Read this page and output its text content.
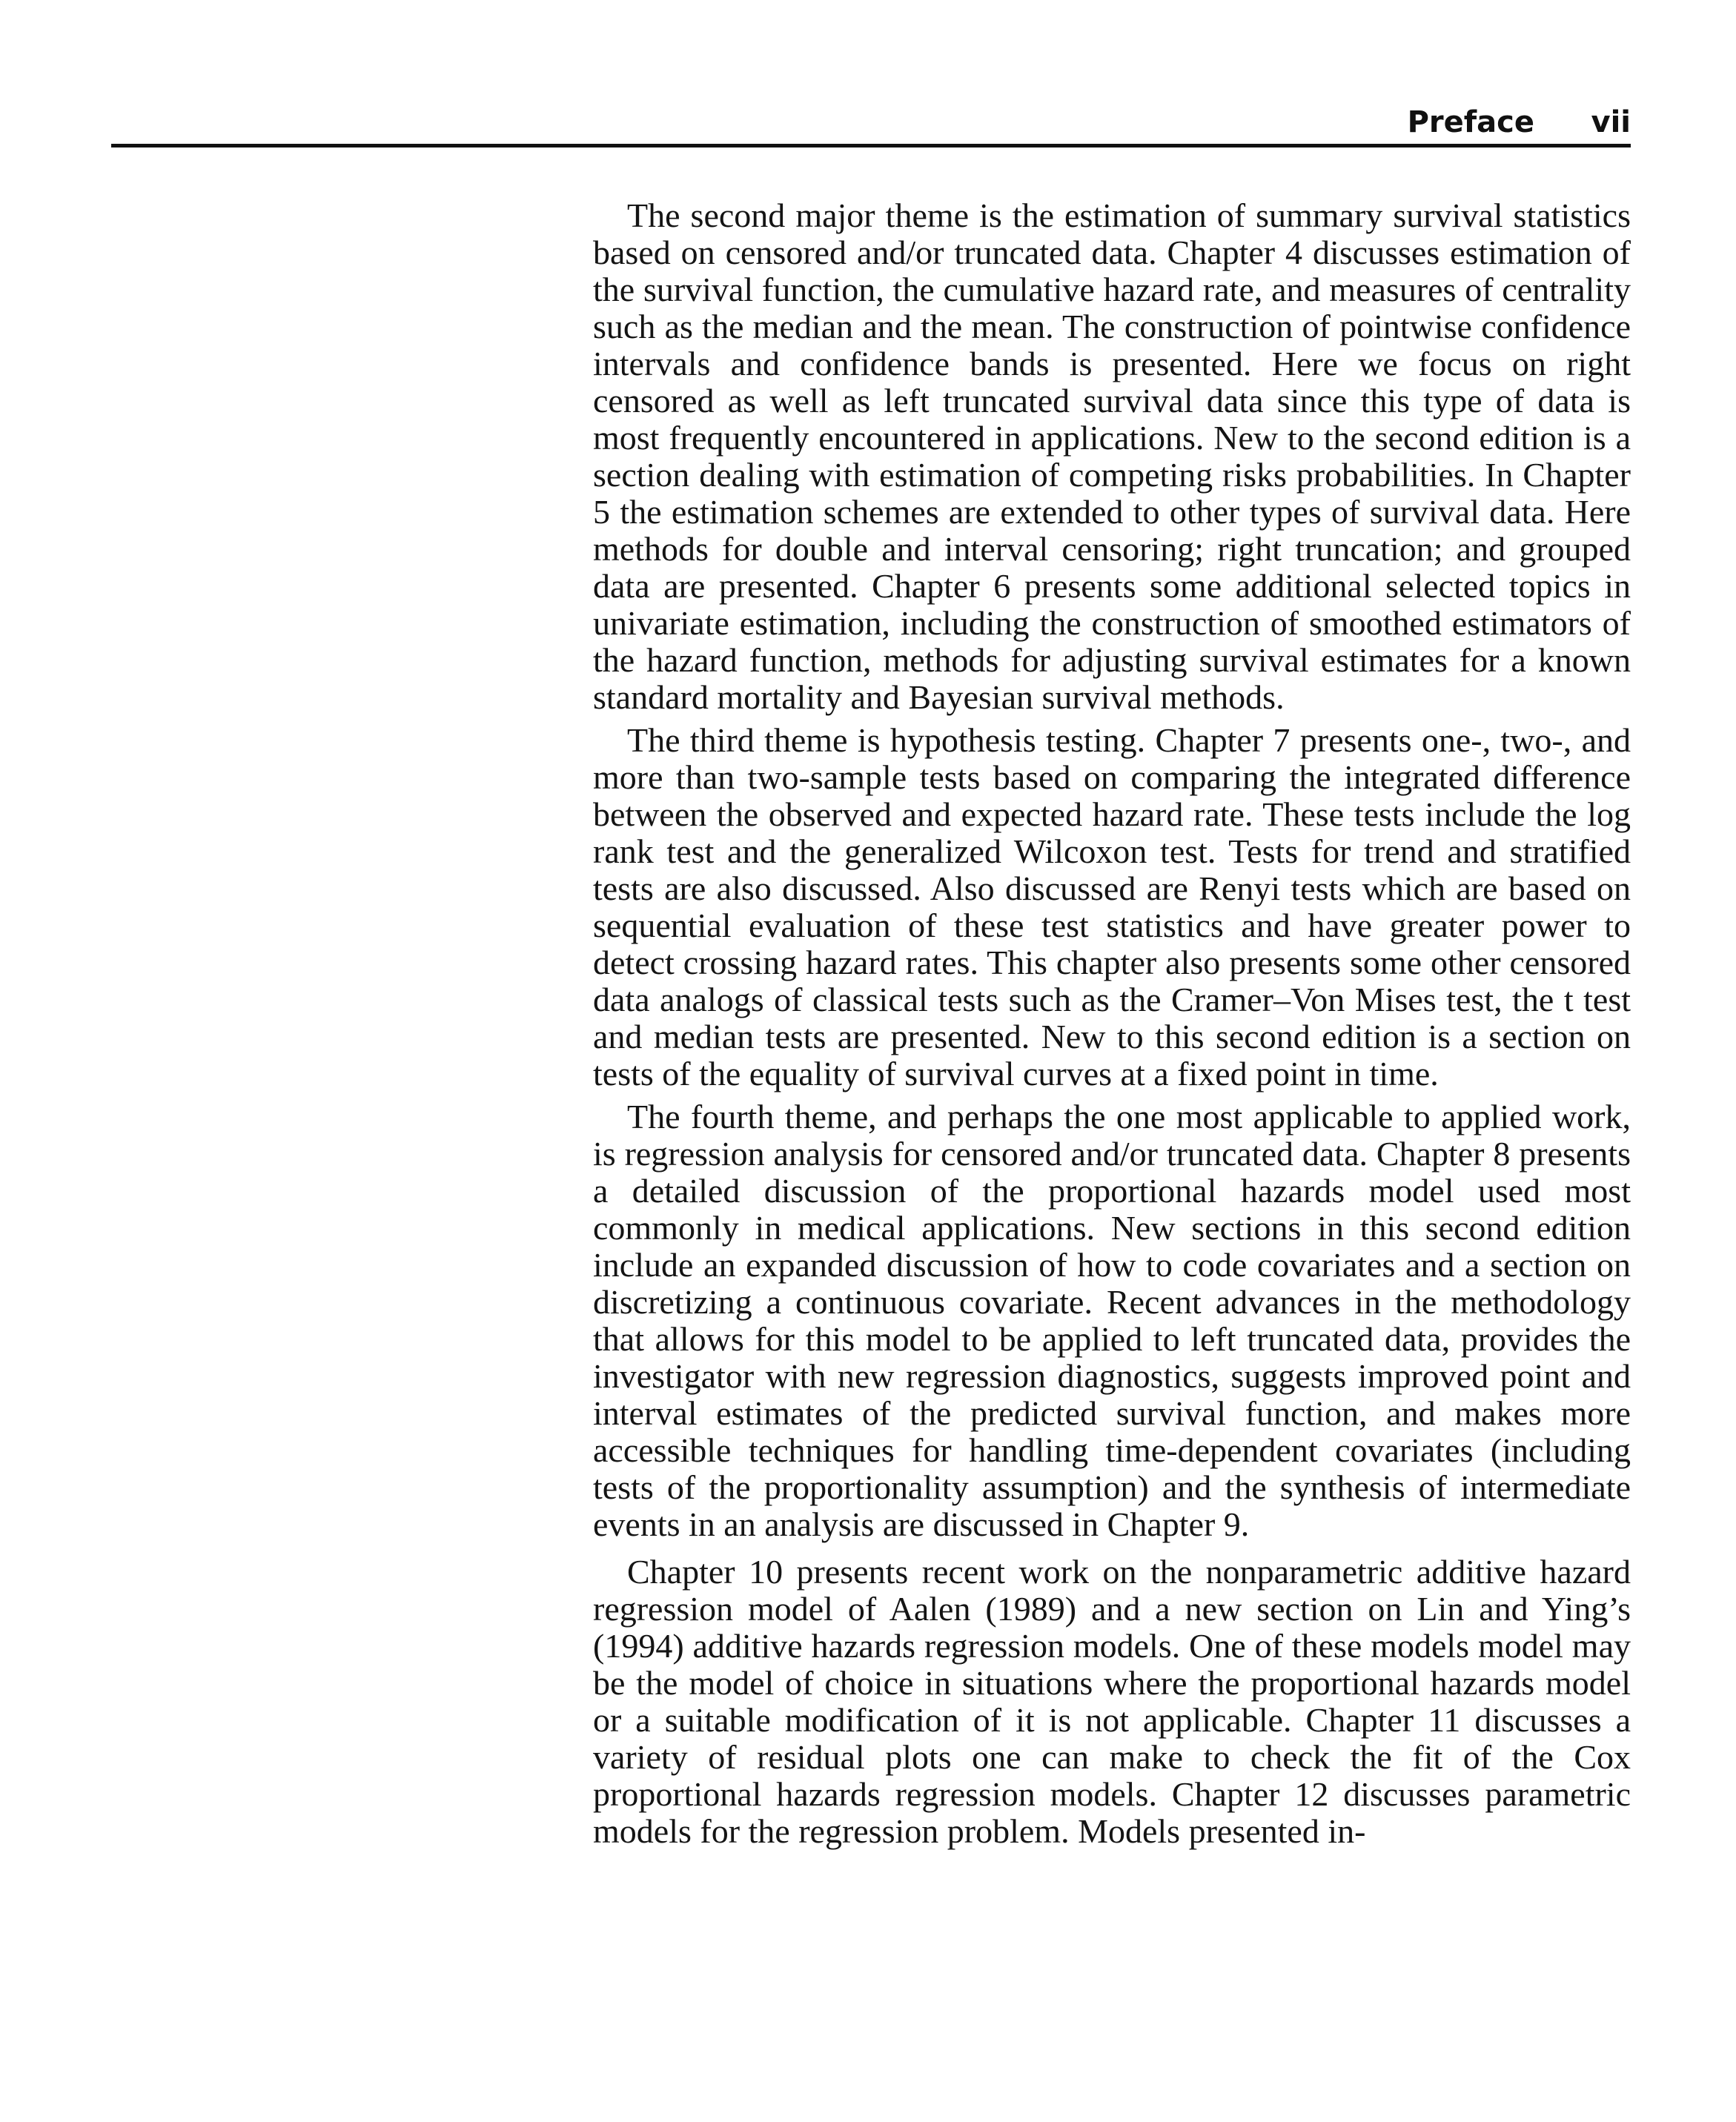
Preface vii

The second major theme is the estimation of summary survival statistics based on censored and/or truncated data. Chapter 4 discusses estimation of the survival function, the cumulative hazard rate, and measures of centrality such as the median and the mean. The construction of pointwise confidence intervals and confidence bands is presented. Here we focus on right censored as well as left truncated survival data since this type of data is most frequently encountered in applications. New to the second edition is a section dealing with estimation of competing risks probabilities. In Chapter 5 the estimation schemes are extended to other types of survival data. Here methods for double and interval censoring; right truncation; and grouped data are presented. Chapter 6 presents some additional selected topics in univariate estimation, including the construction of smoothed estimators of the hazard function, methods for adjusting survival estimates for a known standard mortality and Bayesian survival methods.

The third theme is hypothesis testing. Chapter 7 presents one-, two-, and more than two-sample tests based on comparing the integrated difference between the observed and expected hazard rate. These tests include the log rank test and the generalized Wilcoxon test. Tests for trend and stratified tests are also discussed. Also discussed are Renyi tests which are based on sequential evaluation of these test statistics and have greater power to detect crossing hazard rates. This chapter also presents some other censored data analogs of classical tests such as the Cramer–Von Mises test, the t test and median tests are presented. New to this second edition is a section on tests of the equality of survival curves at a fixed point in time.

The fourth theme, and perhaps the one most applicable to applied work, is regression analysis for censored and/or truncated data. Chapter 8 presents a detailed discussion of the proportional hazards model used most commonly in medical applications. New sections in this second edition include an expanded discussion of how to code covariates and a section on discretizing a continuous covariate. Recent advances in the methodology that allows for this model to be applied to left truncated data, provides the investigator with new regression diagnostics, suggests improved point and interval estimates of the predicted survival function, and makes more accessible techniques for handling time-dependent covariates (including tests of the proportionality assumption) and the synthesis of intermediate events in an analysis are discussed in Chapter 9.

Chapter 10 presents recent work on the nonparametric additive hazard regression model of Aalen (1989) and a new section on Lin and Ying’s (1994) additive hazards regression models. One of these models model may be the model of choice in situations where the proportional hazards model or a suitable modification of it is not applicable. Chapter 11 discusses a variety of residual plots one can make to check the fit of the Cox proportional hazards regression models. Chapter 12 discusses parametric models for the regression problem. Models presented in-
